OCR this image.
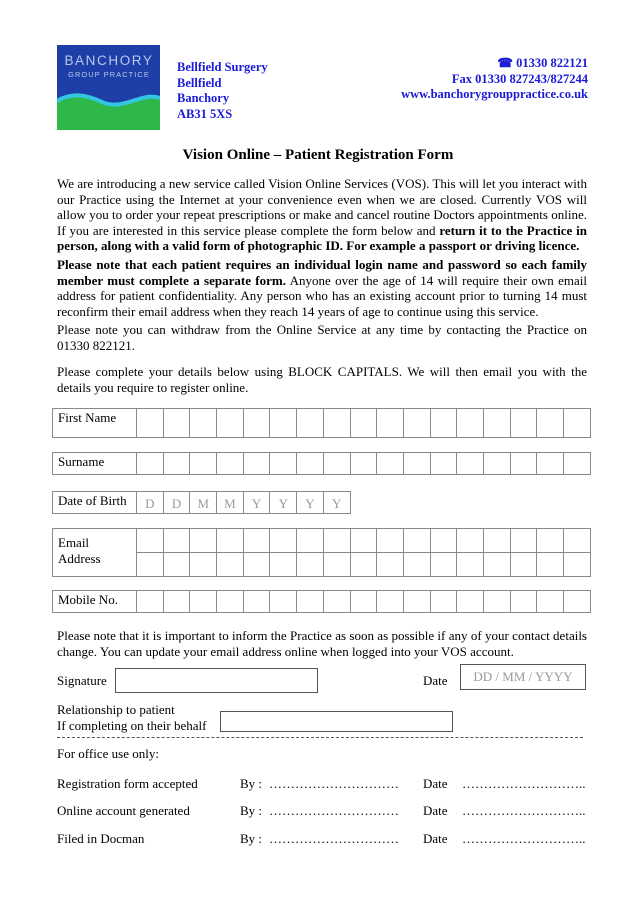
BANCHORY
GROUP PRACTICE
Bellfield Surgery
Bellfield
Banchory
AB31 5XS
☎ 01330 822121
Fax 01330 827243/827244
www.banchorygrouppractice.co.uk
Vision Online – Patient Registration Form
We are introducing a new service called Vision Online Services (VOS). This will let you interact with our Practice using the Internet at your convenience even when we are closed. Currently VOS will allow you to order your repeat prescriptions or make and cancel routine Doctors appointments online. If you are interested in this service please complete the form below and return it to the Practice in person, along with a valid form of photographic ID. For example a passport or driving licence.
Please note that each patient requires an individual login name and password so each family member must complete a separate form. Anyone over the age of 14 will require their own email address for patient confidentiality. Any person who has an existing account prior to turning 14 must reconfirm their email address when they reach 14 years of age to continue using this service.
Please note you can withdraw from the Online Service at any time by contacting the Practice on 01330 822121.
Please complete your details below using BLOCK CAPITALS. We will then email you with the details you require to register online.
First Name																	
Surname																	
Date of Birth	D	D	M	M	Y	Y	Y	Y
Email
Address																	

Mobile No.																	
Please note that it is important to inform the Practice as soon as possible if any of your contact details change. You can update your email address online when logged into your VOS account.
Signature	Date	DD / MM / YYYY
Relationship to patient
If completing on their behalf
For office use only:
Registration form accepted	By : ………………………… Date ………………………..
Online account generated	By : ………………………… Date ………………………..
Filed in Docman	By : ………………………… Date ………………………..
